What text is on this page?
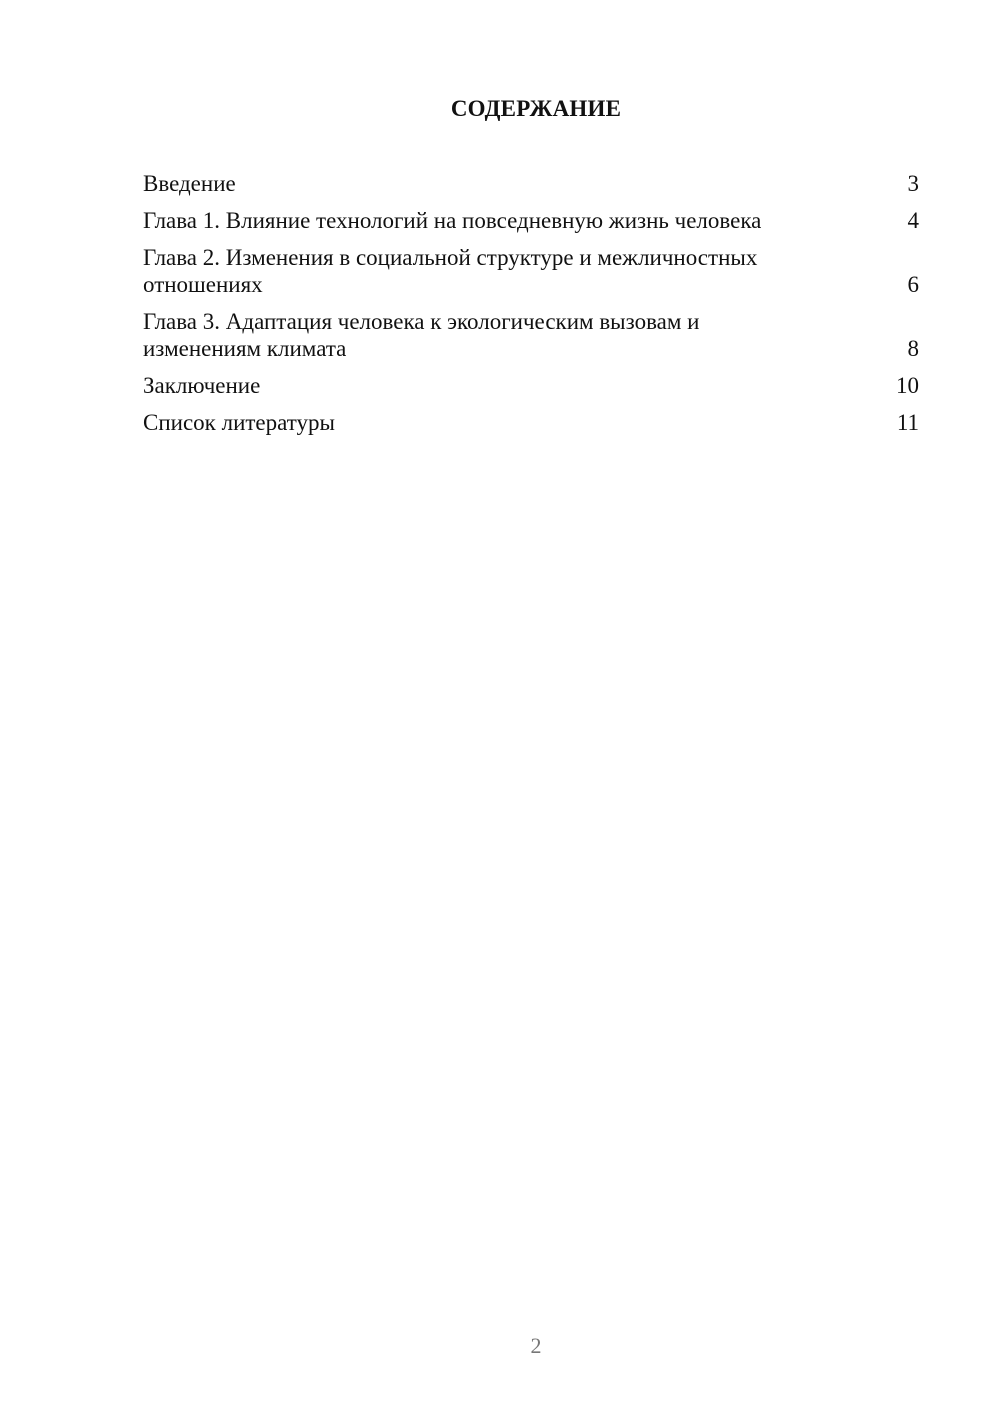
СОДЕРЖАНИЕ
Введение	3
Глава 1. Влияние технологий на повседневную жизнь человека	4
Глава 2. Изменения в социальной структуре и межличностных
отношениях	6
Глава 3. Адаптация человека к экологическим вызовам и
изменениям климата	8
Заключение	10
Список литературы	11
2
